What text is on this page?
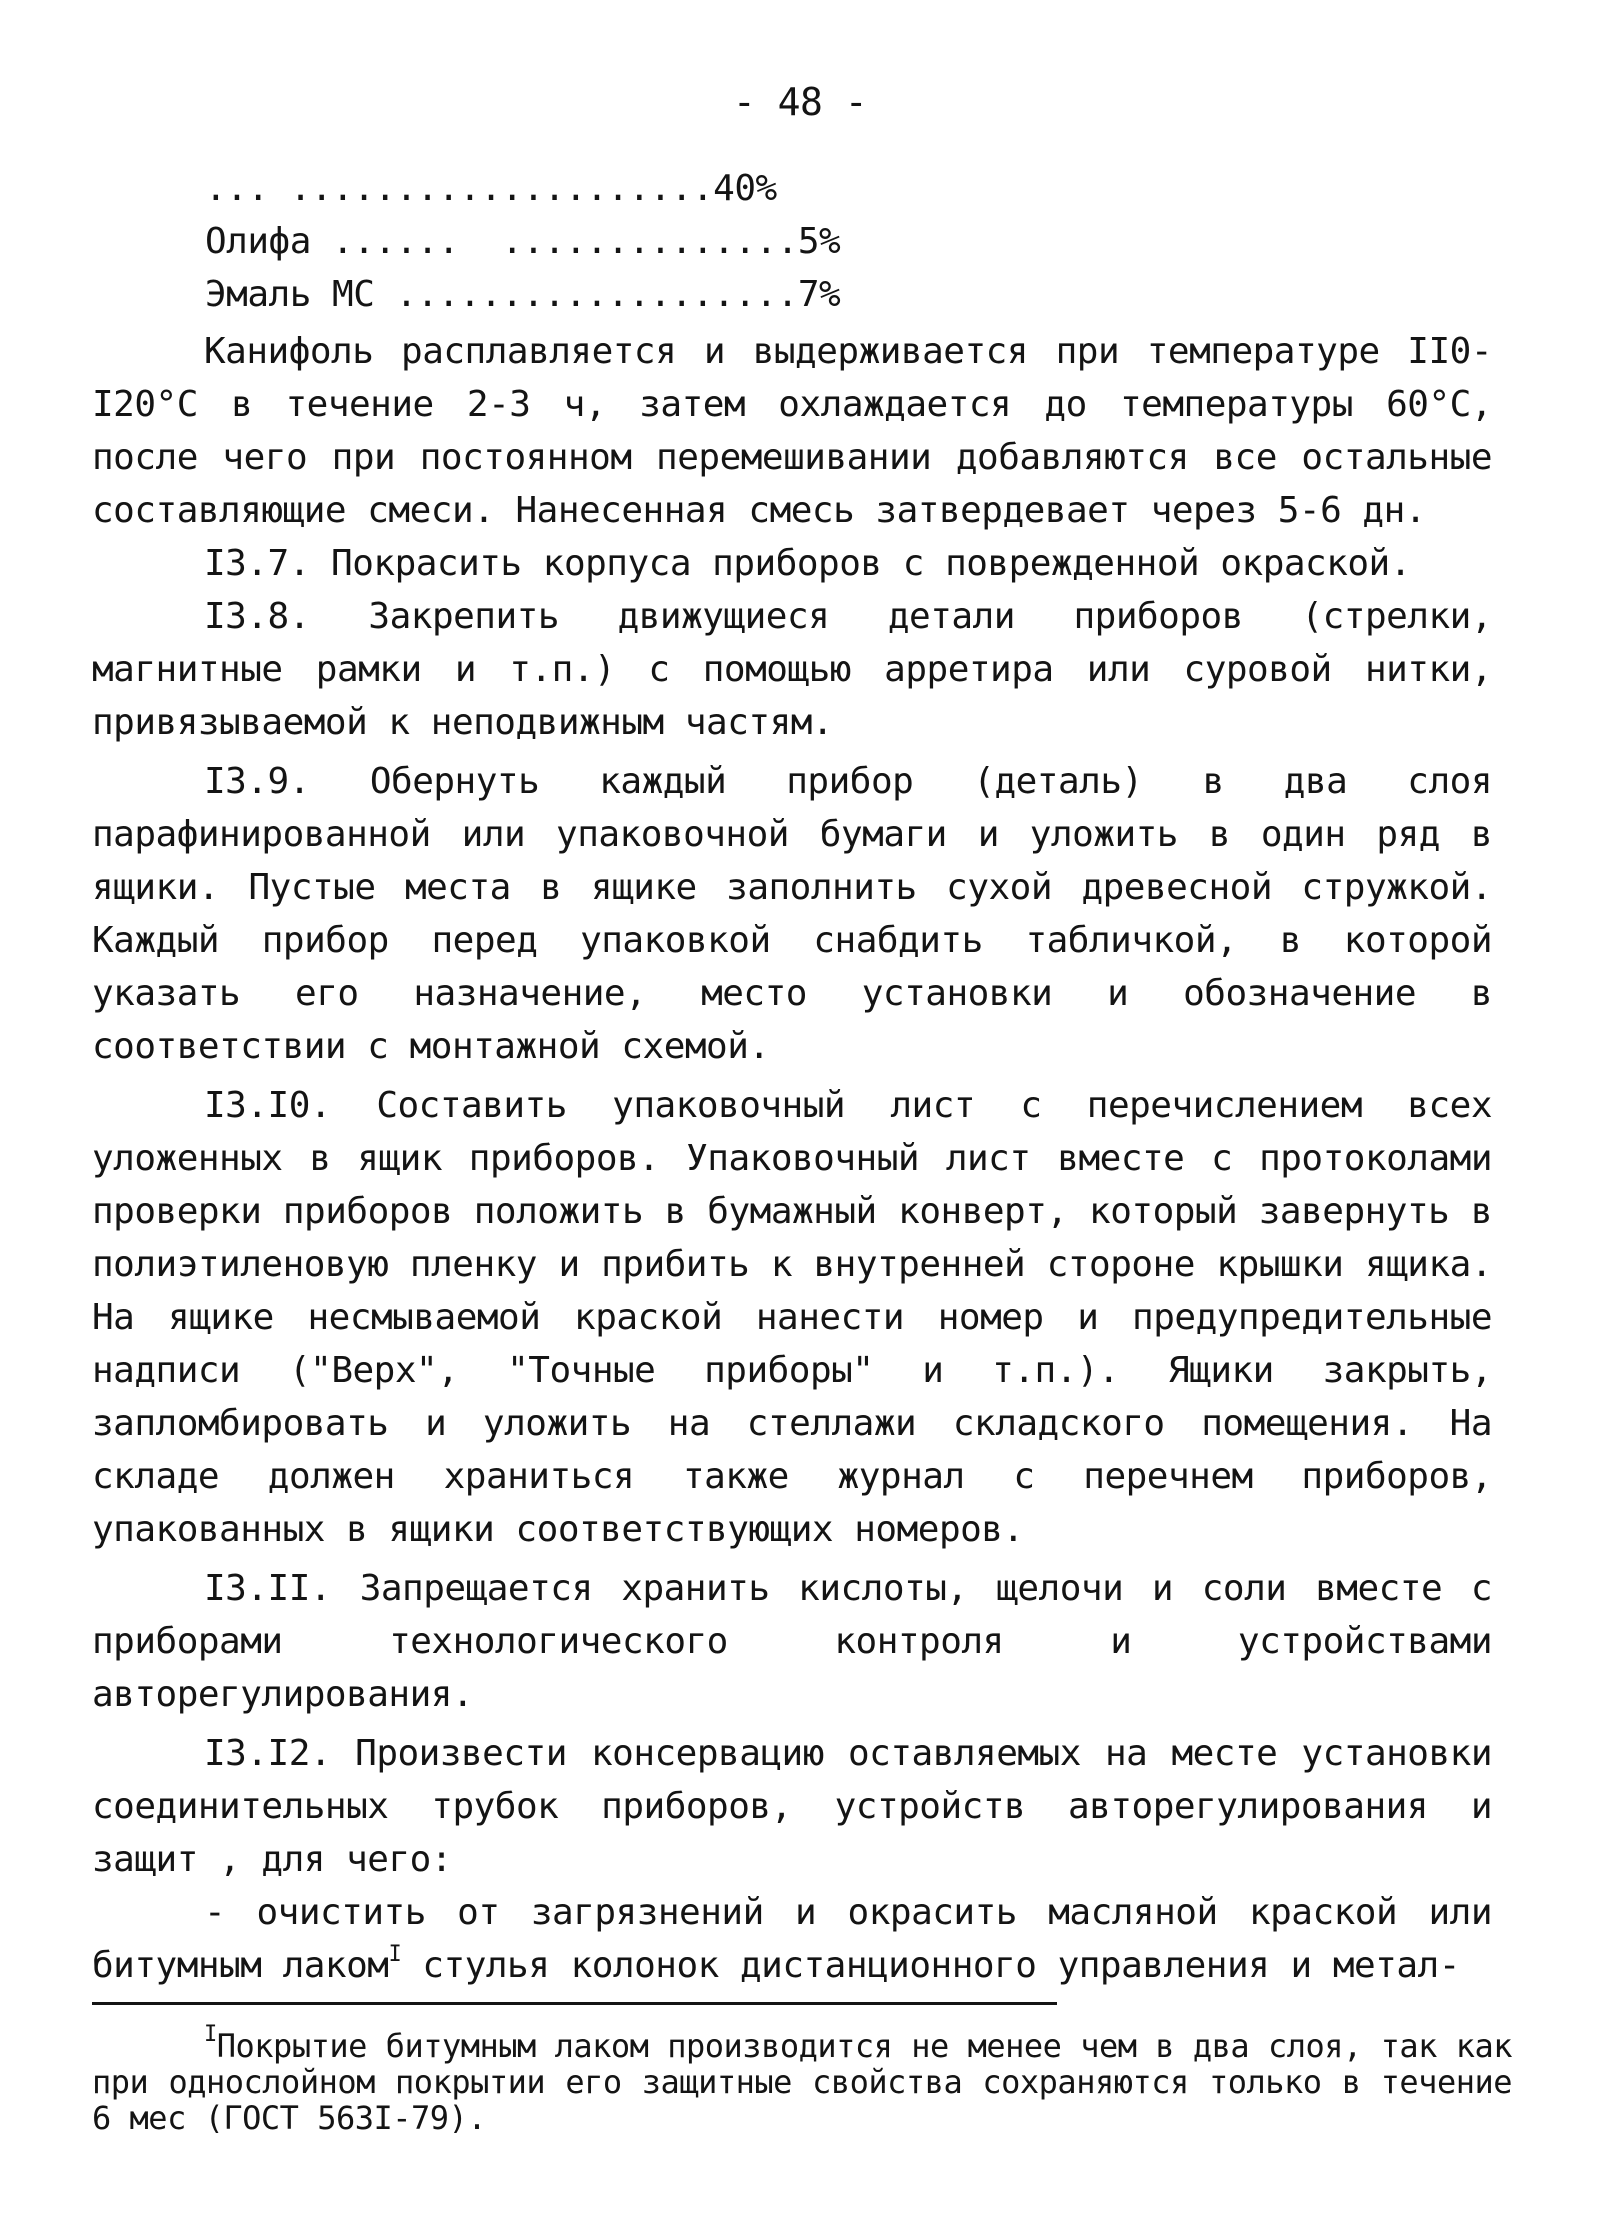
- 48 -
... ....................40%
Олифа ......  ..............5%
Эмаль МС ...................7%

Канифоль расплавляется и выдерживается при температуре II0-I20°С в течение 2-3 ч, затем охлаждается до температуры 60°С, после чего при постоянном перемешивании добавляются все остальные составляющие смеси. Нанесенная смесь затвердевает через 5-6 дн.

I3.7. Покрасить корпуса приборов с поврежденной окраской.

I3.8. Закрепить движущиеся детали приборов (стрелки, магнитные рамки и т.п.) с помощью арретира или суровой нитки, привязываемой к неподвижным частям.

I3.9. Обернуть каждый прибор (деталь) в два слоя парафинированной или упаковочной бумаги и уложить в один ряд в ящики. Пустые места в ящике заполнить сухой древесной стружкой. Каждый прибор перед упаковкой снабдить табличкой, в которой указать его назначение, место установки и обозначение в соответствии с монтажной схемой.

I3.I0. Составить упаковочный лист с перечислением всех уложенных в ящик приборов. Упаковочный лист вместе с протоколами проверки приборов положить в бумажный конверт, который завернуть в полиэтиленовую пленку и прибить к внутренней стороне крышки ящика. На ящике несмываемой краской нанести номер и предупредительные надписи ("Верх", "Точные приборы" и т.п.). Ящики закрыть, запломбировать и уложить на стеллажи складского помещения. На складе должен храниться также журнал с перечнем приборов, упакованных в ящики соответствующих номеров.

I3.II. Запрещается хранить кислоты, щелочи и соли вместе с приборами технологического контроля и устройствами авторегулирования.

I3.I2. Произвести консервацию оставляемых на месте установки соединительных трубок приборов, устройств авторегулирования и защит , для чего:

- очистить от загрязнений и окрасить масляной краской или битумным лаком$^I$ стулья колонок дистанционного управления и метал-

$^I$Покрытие битумным лаком производится не менее чем в два слоя, так как при однослойном покрытии его защитные свойства сохраняются только в течение 6 мес (ГОСТ 563I-79).
